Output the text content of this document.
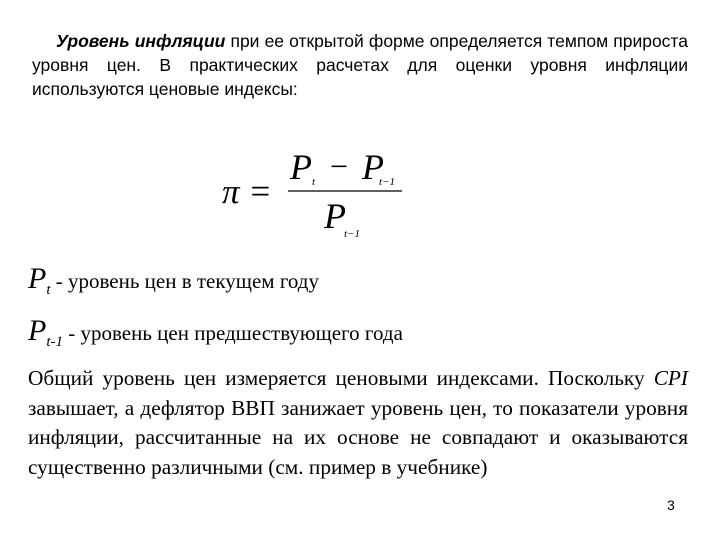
Уровень инфляции при ее открытой форме определяется темпом прироста уровня цен. В практических расчетах для оценки уровня инфляции используются ценовые индексы:

π =
P t − P
t−1
P
t−1
$P_t$ - уровень цен в текущем году
$P_{t-1}$ - уровень цен предшествующего года

Общий уровень цен измеряется ценовыми индексами. Поскольку CPI завышает, а дефлятор ВВП занижает уровень цен, то показатели уровня инфляции, рассчитанные на их основе не совпадают и оказываются существенно различными (см. пример в учебнике)

3
